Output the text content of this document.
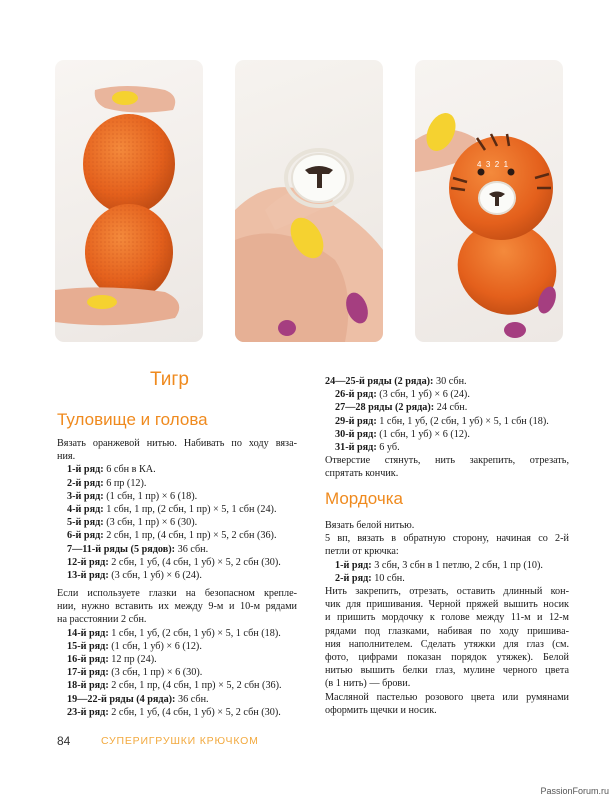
4  3  2  1
Тигр
Туловище и голова

Вязать оранжевой нитью. Набивать по ходу вяза-

ния.

1-й ряд: 6 сбн в КА.

2-й ряд: 6 пр (12).

3-й ряд: (1 сбн, 1 пр) × 6 (18).

4-й ряд: 1 сбн, 1 пр, (2 сбн, 1 пр) × 5, 1 сбн (24).

5-й ряд: (3 сбн, 1 пр) × 6 (30).

6-й ряд: 2 сбн, 1 пр, (4 сбн, 1 пр) × 5, 2 сбн (36).

7—11-й ряды (5 рядов): 36 сбн.

12-й ряд: 2 сбн, 1 уб, (4 сбн, 1 уб) × 5, 2 сбн (30).

13-й ряд: (3 сбн, 1 уб) × 6 (24).

Если используете глазки на безопасном крепле-

нии, нужно вставить их между 9-м и 10-м рядами

на расстоянии 2 сбн.

14-й ряд: 1 сбн, 1 уб, (2 сбн, 1 уб) × 5, 1 сбн (18).

15-й ряд: (1 сбн, 1 уб) × 6 (12).

16-й ряд: 12 пр (24).

17-й ряд: (3 сбн, 1 пр) × 6 (30).

18-й ряд: 2 сбн, 1 пр, (4 сбн, 1 пр) × 5, 2 сбн (36).

19—22-й ряды (4 ряда): 36 сбн.

23-й ряд: 2 сбн, 1 уб, (4 сбн, 1 уб) × 5, 2 сбн (30).

24—25-й ряды (2 ряда): 30 сбн.

26-й ряд: (3 сбн, 1 уб) × 6 (24).

27—28 ряды (2 ряда): 24 сбн.

29-й ряд: 1 сбн, 1 уб, (2 сбн, 1 уб) × 5, 1 сбн (18).

30-й ряд: (1 сбн, 1 уб) × 6 (12).

31-й ряд: 6 уб.

Отверстие стянуть, нить закрепить, отрезать,

спрятать кончик.

Мордочка

Вязать белой нитью.

5 вп, вязать в обратную сторону, начиная со 2-й

петли от крючка:

1-й ряд: 3 сбн, 3 сбн в 1 петлю, 2 сбн, 1 пр (10).

2-й ряд: 10 сбн.

Нить закрепить, отрезать, оставить длинный кон-

чик для пришивания. Черной пряжей вышить носик

и пришить мордочку к голове между 11-м и 12-м

рядами под глазками, набивая по ходу пришива-

ния наполнителем. Сделать утяжки для глаз (см.

фото, цифрами показан порядок утяжек). Белой

нитью вышить белки глаз, мулине черного цвета

(в 1 нить) — брови.

Масляной пастелью розового цвета или румянами

оформить щечки и носик.

84	СУПЕРИГРУШКИ КРЮЧКОМ
PassionForum.ru
